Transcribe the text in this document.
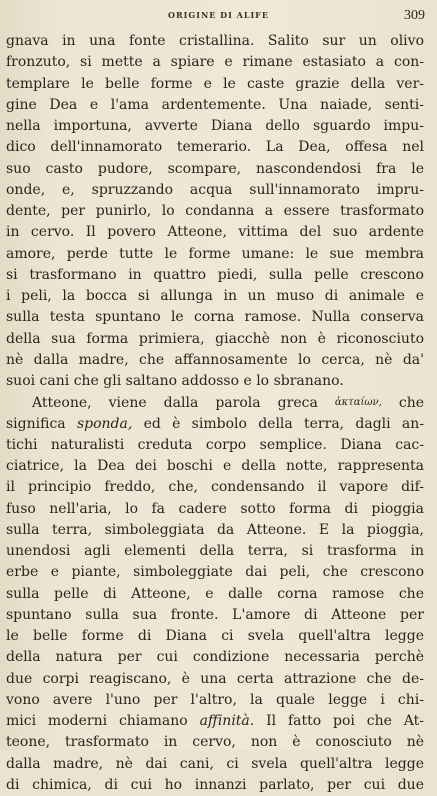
ORIGINE DI ALIFE	309
gnava in una fonte cristallina. Salito sur un olivo
fronzuto, si mette a spiare e rimane estasiato a con-
templare le belle forme e le caste grazie della ver-
gine Dea e l'ama ardentemente. Una naiade, senti-
nella importuna, avverte Diana dello sguardo impu-
dico dell'innamorato temerario. La Dea, offesa nel
suo casto pudore, scompare, nascondendosi fra le
onde, e, spruzzando acqua sull'innamorato impru-
dente, per punirlo, lo condanna a essere trasformato
in cervo. Il povero Atteone, vittima del suo ardente
amore, perde tutte le forme umane: le sue membra
si trasformano in quattro piedi, sulla pelle crescono
i peli, la bocca si allunga in un muso di animale e
sulla testa spuntano le corna ramose. Nulla conserva
della sua forma primiera, giacchè non è riconosciuto
nè dalla madre, che affannosamente lo cerca, nè da'
suoi cani che gli saltano addosso e lo sbranano.
Atteone, viene dalla parola greca ἀκταίων, che
significa sponda, ed è simbolo della terra, dagli an-
tichi naturalisti creduta corpo semplice. Diana cac-
ciatrice, la Dea dei boschi e della notte, rappresenta
il principio freddo, che, condensando il vapore dif-
fuso nell'aria, lo fa cadere sotto forma di pioggia
sulla terra, simboleggiata da Atteone. E la pioggia,
unendosi agli elementi della terra, si trasforma in
erbe e piante, simboleggiate dai peli, che crescono
sulla pelle di Atteone, e dalle corna ramose che
spuntano sulla sua fronte. L'amore di Atteone per
le belle forme di Diana ci svela quell'altra legge
della natura per cui condizione necessaria perchè
due corpi reagiscano, è una certa attrazione che de-
vono avere l'uno per l'altro, la quale legge i chi-
mici moderni chiamano affinità. Il fatto poi che At-
teone, trasformato in cervo, non è conosciuto nè
dalla madre, nè dai cani, ci svela quell'altra legge
di chimica, di cui ho innanzi parlato, per cui due
